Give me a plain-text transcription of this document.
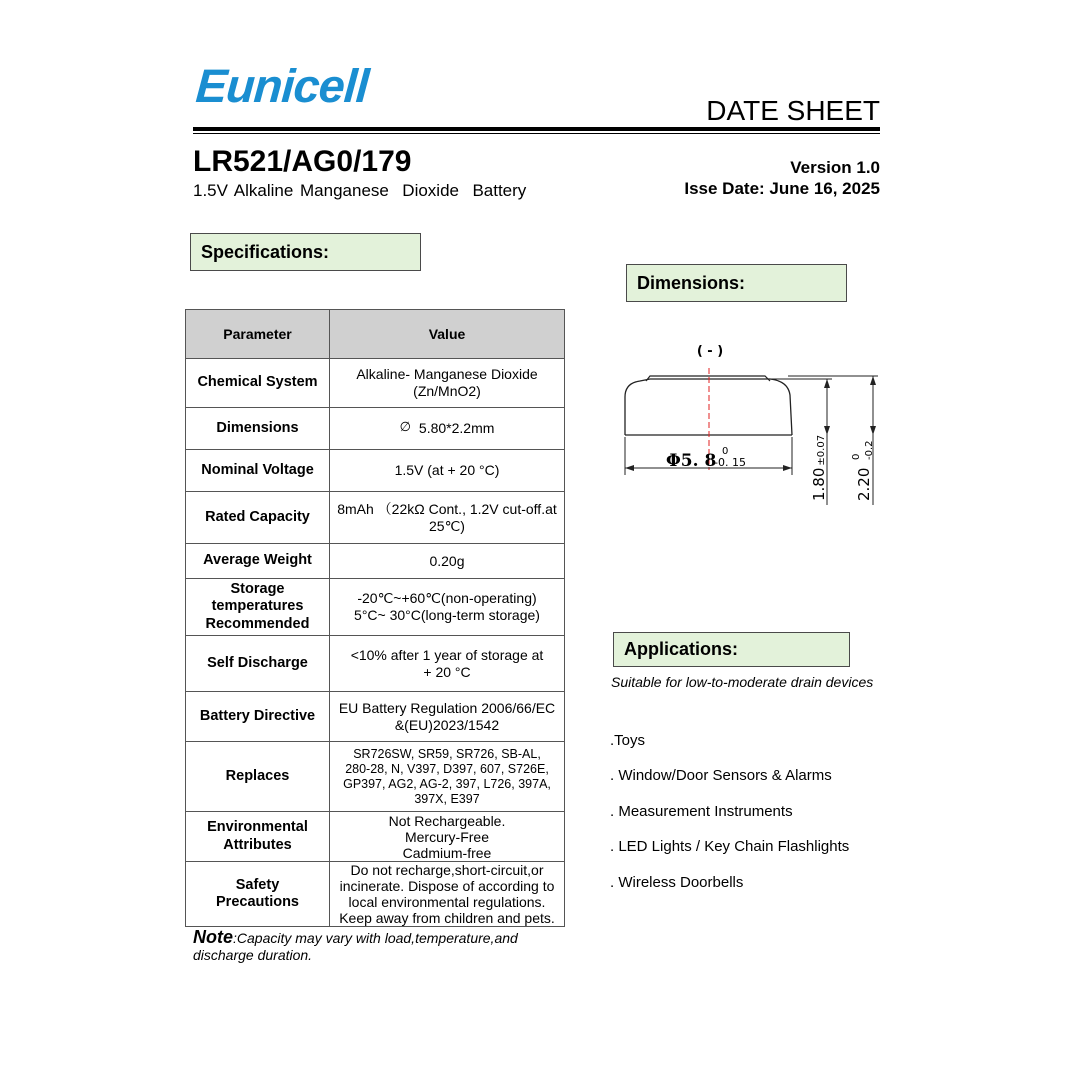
Eunicell	DATE SHEET
LR521/AG0/179
1.5V Alkaline Manganese  Dioxide  Battery
Version 1.0
Isse Date: June 16, 2025
Specifications:
Dimensions:
Applications:
Parameter	Value
Chemical System	Alkaline- Manganese Dioxide
(Zn/MnO2)
Dimensions	∅ 5.80*2.2mm
Nominal Voltage	1.5V (at + 20 °C)
Rated Capacity	8mAh （22kΩ Cont., 1.2V cut-off.at
25℃)
Average Weight	0.20g
Storage
temperatures
Recommended	-20℃~+60℃(non-operating)
5°C~ 30°C(long-term storage)
Self Discharge	<10% after 1 year of storage at
+ 20 °C
Battery Directive	EU Battery Regulation 2006/66/EC
&(EU)2023/1542
Replaces	SR726SW, SR59, SR726, SB-AL,
280-28, N, V397, D397, 607, S726E,
GP397, AG2, AG-2, 397, L726, 397A,
397X, E397
Environmental
Attributes	Not Rechargeable.
Mercury-Free
Cadmium-free
Safety
Precautions	Do not recharge,short-circuit,or
incinerate. Dispose of according to
local environmental regulations.
Keep away from children and pets.
Note:Capacity may vary with load,temperature,and discharge duration.
( - )
Φ5. 8 0
-0. 15
1.80±0.07
2.20
0 -0.2
Suitable for low-to-moderate drain devices
.Toys
. Window/Door Sensors & Alarms
. Measurement Instruments
. LED Lights / Key Chain Flashlights
. Wireless Doorbells
